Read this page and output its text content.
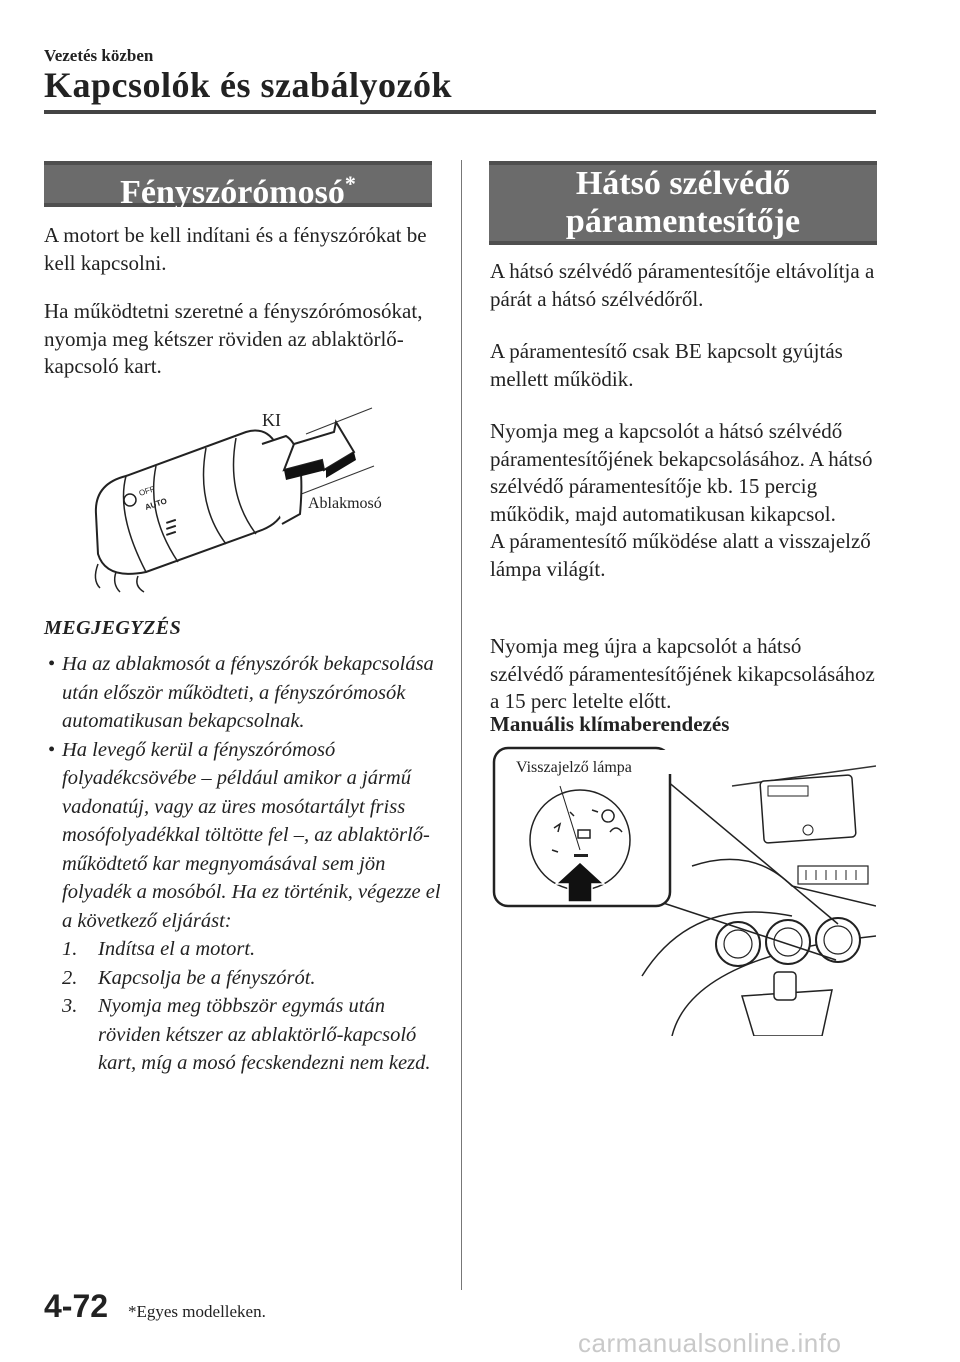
Vezetés közben
Kapcsolók és szabályozók
Fényszórómosó*

A motort be kell indítani és a fényszórókat be kell kapcsolni.

Ha működtetni szeretné a fényszórómosókat, nyomja meg kétszer röviden az ablaktörlő-kapcsoló kart.

OFF
AUTO
KI
Ablakmosó
MEGJEGYZÉS
• Ha az ablakmosót a fényszórók bekapcsolása után először működteti, a fényszórómosók automatikusan bekapcsolnak.
• Ha levegő kerül a fényszórómosó folyadékcsövébe – például amikor a jármű vadonatúj, vagy az üres mosótartályt friss mosófolyadékkal töltötte fel –, az ablaktörlő-működtető kar megnyomásával sem jön folyadék a mosóból. Ha ez történik, végezze el a következő eljárást:
1. Indítsa el a motort.
2. Kapcsolja be a fényszórót.
3. Nyomja meg többször egymás után röviden kétszer az ablaktörlő-kapcsoló kart, míg a mosó fecskendezni nem kezd.
Hátsó szélvédő
páramentesítője

A hátsó szélvédő páramentesítője eltávolítja a párát a hátsó szélvédőről.

A páramentesítő csak BE kapcsolt gyújtás mellett működik.

Nyomja meg a kapcsolót a hátsó szélvédő páramentesítőjének bekapcsolásához. A hátsó szélvédő páramentesítője kb. 15 percig működik, majd automatikusan kikapcsol.

A páramentesítő működése alatt a visszajelző lámpa világít.

Nyomja meg újra a kapcsolót a hátsó szélvédő páramentesítőjének kikapcsolásához a 15 perc letelte előtt.

Manuális klímaberendezés
Visszajelző lámpa
4-72 *Egyes modelleken.
carmanualsonline.info
